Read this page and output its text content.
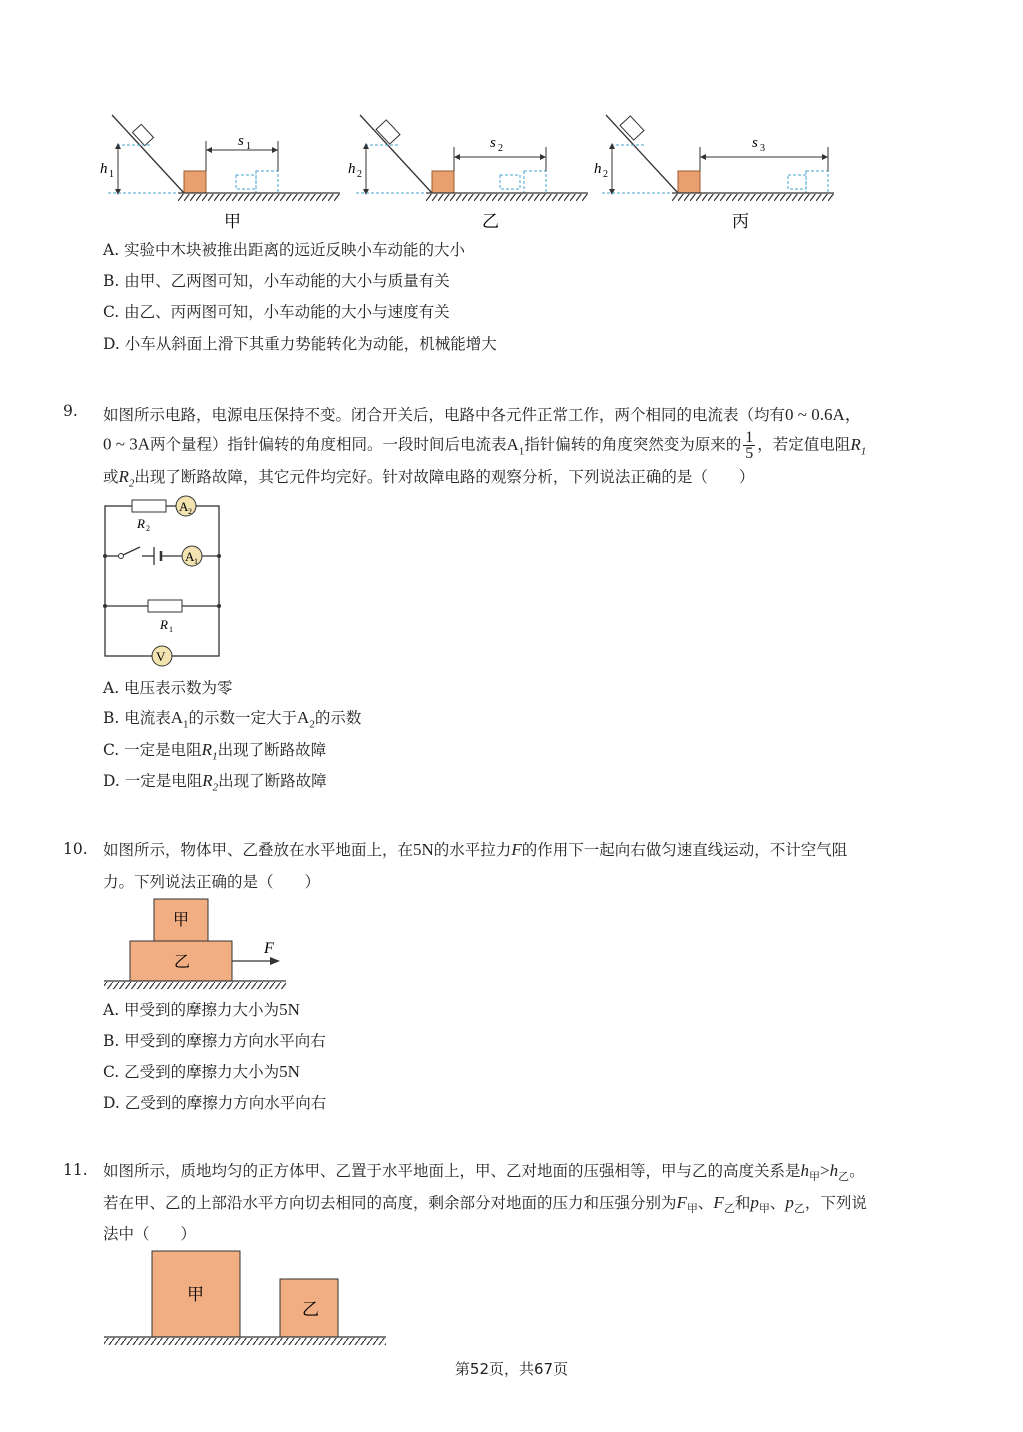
h 1
s 1
甲
h 2
s 2
乙
h 2
s 3
丙
A. 实验中木块被推出距离的远近反映小车动能的大小
B. 由甲、乙两图可知，小车动能的大小与质量有关
C. 由乙、丙两图可知，小车动能的大小与速度有关
D. 小车从斜面上滑下其重力势能转化为动能，机械能增大
9. 如图所示电路，电源电压保持不变。闭合开关后，电路中各元件正常工作，两个相同的电流表（均有0 ~ 0.6A，
0 ~ 3A两个量程）指针偏转的角度相同。一段时间后电流表$A_1$指针偏转的角度突然变为原来的 $\frac{1}{5}$ ，若定值电阻$R_1$
或$R_2$出现了断路故障，其它元件均完好。针对故障电路的观察分析，下列说法正确的是（　　）
A 2
R 2
A 1
R 1
V
A. 电压表示数为零
B. 电流表$A_1$的示数一定大于$A_2$的示数
C. 一定是电阻$R_1$出现了断路故障
D. 一定是电阻$R_2$出现了断路故障
10. 如图所示，物体甲、乙叠放在水平地面上，在5N的水平拉力F的作用下一起向右做匀速直线运动，不计空气阻
力。下列说法正确的是（　　）
甲
乙
F
A. 甲受到的摩擦力大小为5N
B. 甲受到的摩擦力方向水平向右
C. 乙受到的摩擦力大小为5N
D. 乙受到的摩擦力方向水平向右
11. 如图所示，质地均匀的正方体甲、乙置于水平地面上，甲、乙对地面的压强相等，甲与乙的高度关系是$h_甲>h_乙$。
若在甲、乙的上部沿水平方向切去相同的高度，剩余部分对地面的压力和压强分别为$F_甲$、$F_乙$和$p_甲$、$p_乙$，下列说
法中（　　）
甲
乙
第52页，共67页
